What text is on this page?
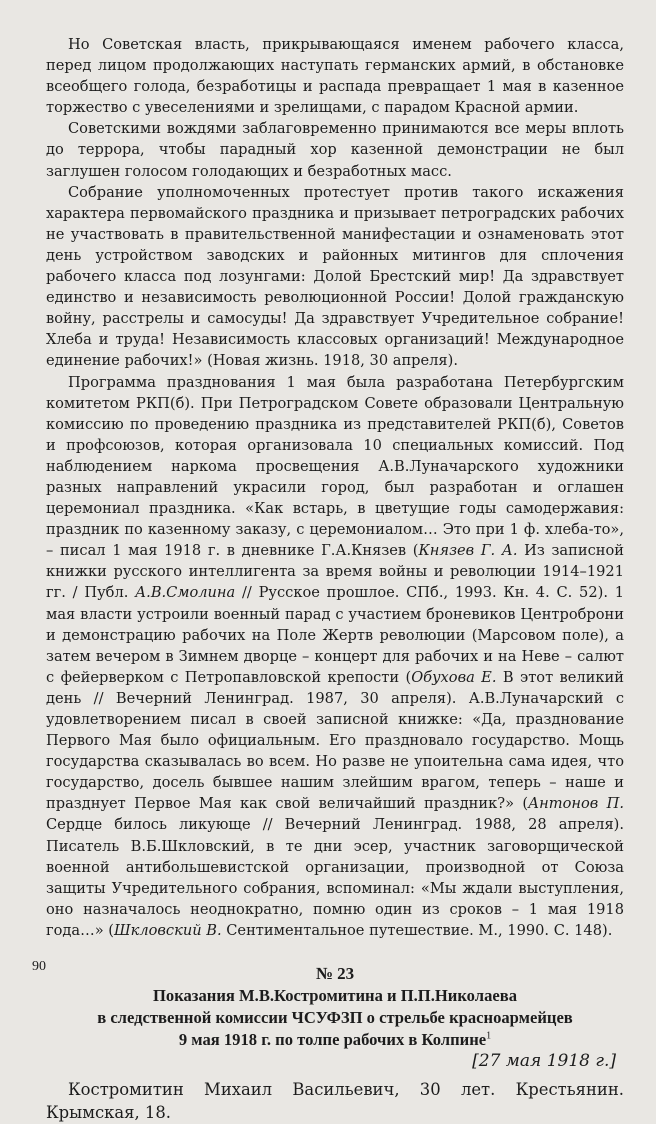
Но Советская власть, прикрывающаяся именем рабочего класса, перед лицом продолжающих наступать германских армий, в обстановке всеобщего голода, безработицы и распада превращает 1 мая в казенное торжество с увеселениями и зрелищами, с парадом Красной армии.

Советскими вождями заблаговременно принимаются все меры вплоть до террора, чтобы парадный хор казенной демонстрации не был заглушен голосом голодающих и безработных масс.

Собрание уполномоченных протестует против такого искажения характера первомайского праздника и призывает петроградских рабочих не участвовать в правительственной манифестации и ознаменовать этот день устройством заводских и районных митингов для сплочения рабочего класса под лозунгами: Долой Брестский мир! Да здравствует единство и независимость революционной России! Долой гражданскую войну, расстрелы и самосуды! Да здравствует Учредительное собрание! Хлеба и труда! Независимость классовых организаций! Международное единение рабочих!» (Новая жизнь. 1918, 30 апреля).

Программа празднования 1 мая была разработана Петербургским комитетом РКП(б). При Петроградском Совете образовали Центральную комиссию по проведению праздника из представителей РКП(б), Советов и профсоюзов, которая организовала 10 специальных комиссий. Под наблюдением наркома просвещения А.В.Луначарского художники разных направлений украсили город, был разработан и оглашен церемониал праздника. «Как встарь, в цветущие годы самодержавия: праздник по казенному заказу, с церемониалом… Это при 1 ф. хлеба-то», – писал 1 мая 1918 г. в дневнике Г.А.Князев (Князев Г. А. Из записной книжки русского интеллигента за время войны и революции 1914–1921 гг. / Публ. А.В.Смолина // Русское прошлое. СПб., 1993. Кн. 4. С. 52). 1 мая власти устроили военный парад с участием броневиков Центроброни и демонстрацию рабочих на Поле Жертв революции (Марсовом поле), а затем вечером в Зимнем дворце – концерт для рабочих и на Неве – салют с фейерверком с Петропавловской крепости (Обухова Е. В этот великий день // Вечерний Ленинград. 1987, 30 апреля). А.В.Луначарский с удовлетворением писал в своей записной книжке: «Да, празднование Первого Мая было официальным. Его праздновало государство. Мощь государства сказывалась во всем. Но разве не упоительна сама идея, что государство, досель бывшее нашим злейшим врагом, теперь – наше и празднует Первое Мая как свой величайший праздник?» (Антонов П. Сердце билось ликующе // Вечерний Ленинград. 1988, 28 апреля). Писатель В.Б.Шкловский, в те дни эсер, участник заговорщической военной антибольшевистской организации, производной от Союза защиты Учредительного собрания, вспоминал: «Мы ждали выступления, оно назначалось неоднократно, помню один из сроков – 1 мая 1918 года…» (Шкловский В. Сентиментальное путешествие. М., 1990. С. 148).

№ 23
Показания М.В.Костромитина и П.П.Николаева
в следственной комиссии ЧСУФЗП о стрельбе красноармейцев
9 мая 1918 г. по толпе рабочих в Колпине$^1$
[27 мая 1918 г.]

Костромитин Михаил Васильевич, 30 лет. Крестьянин. Крымская, 18.

90
